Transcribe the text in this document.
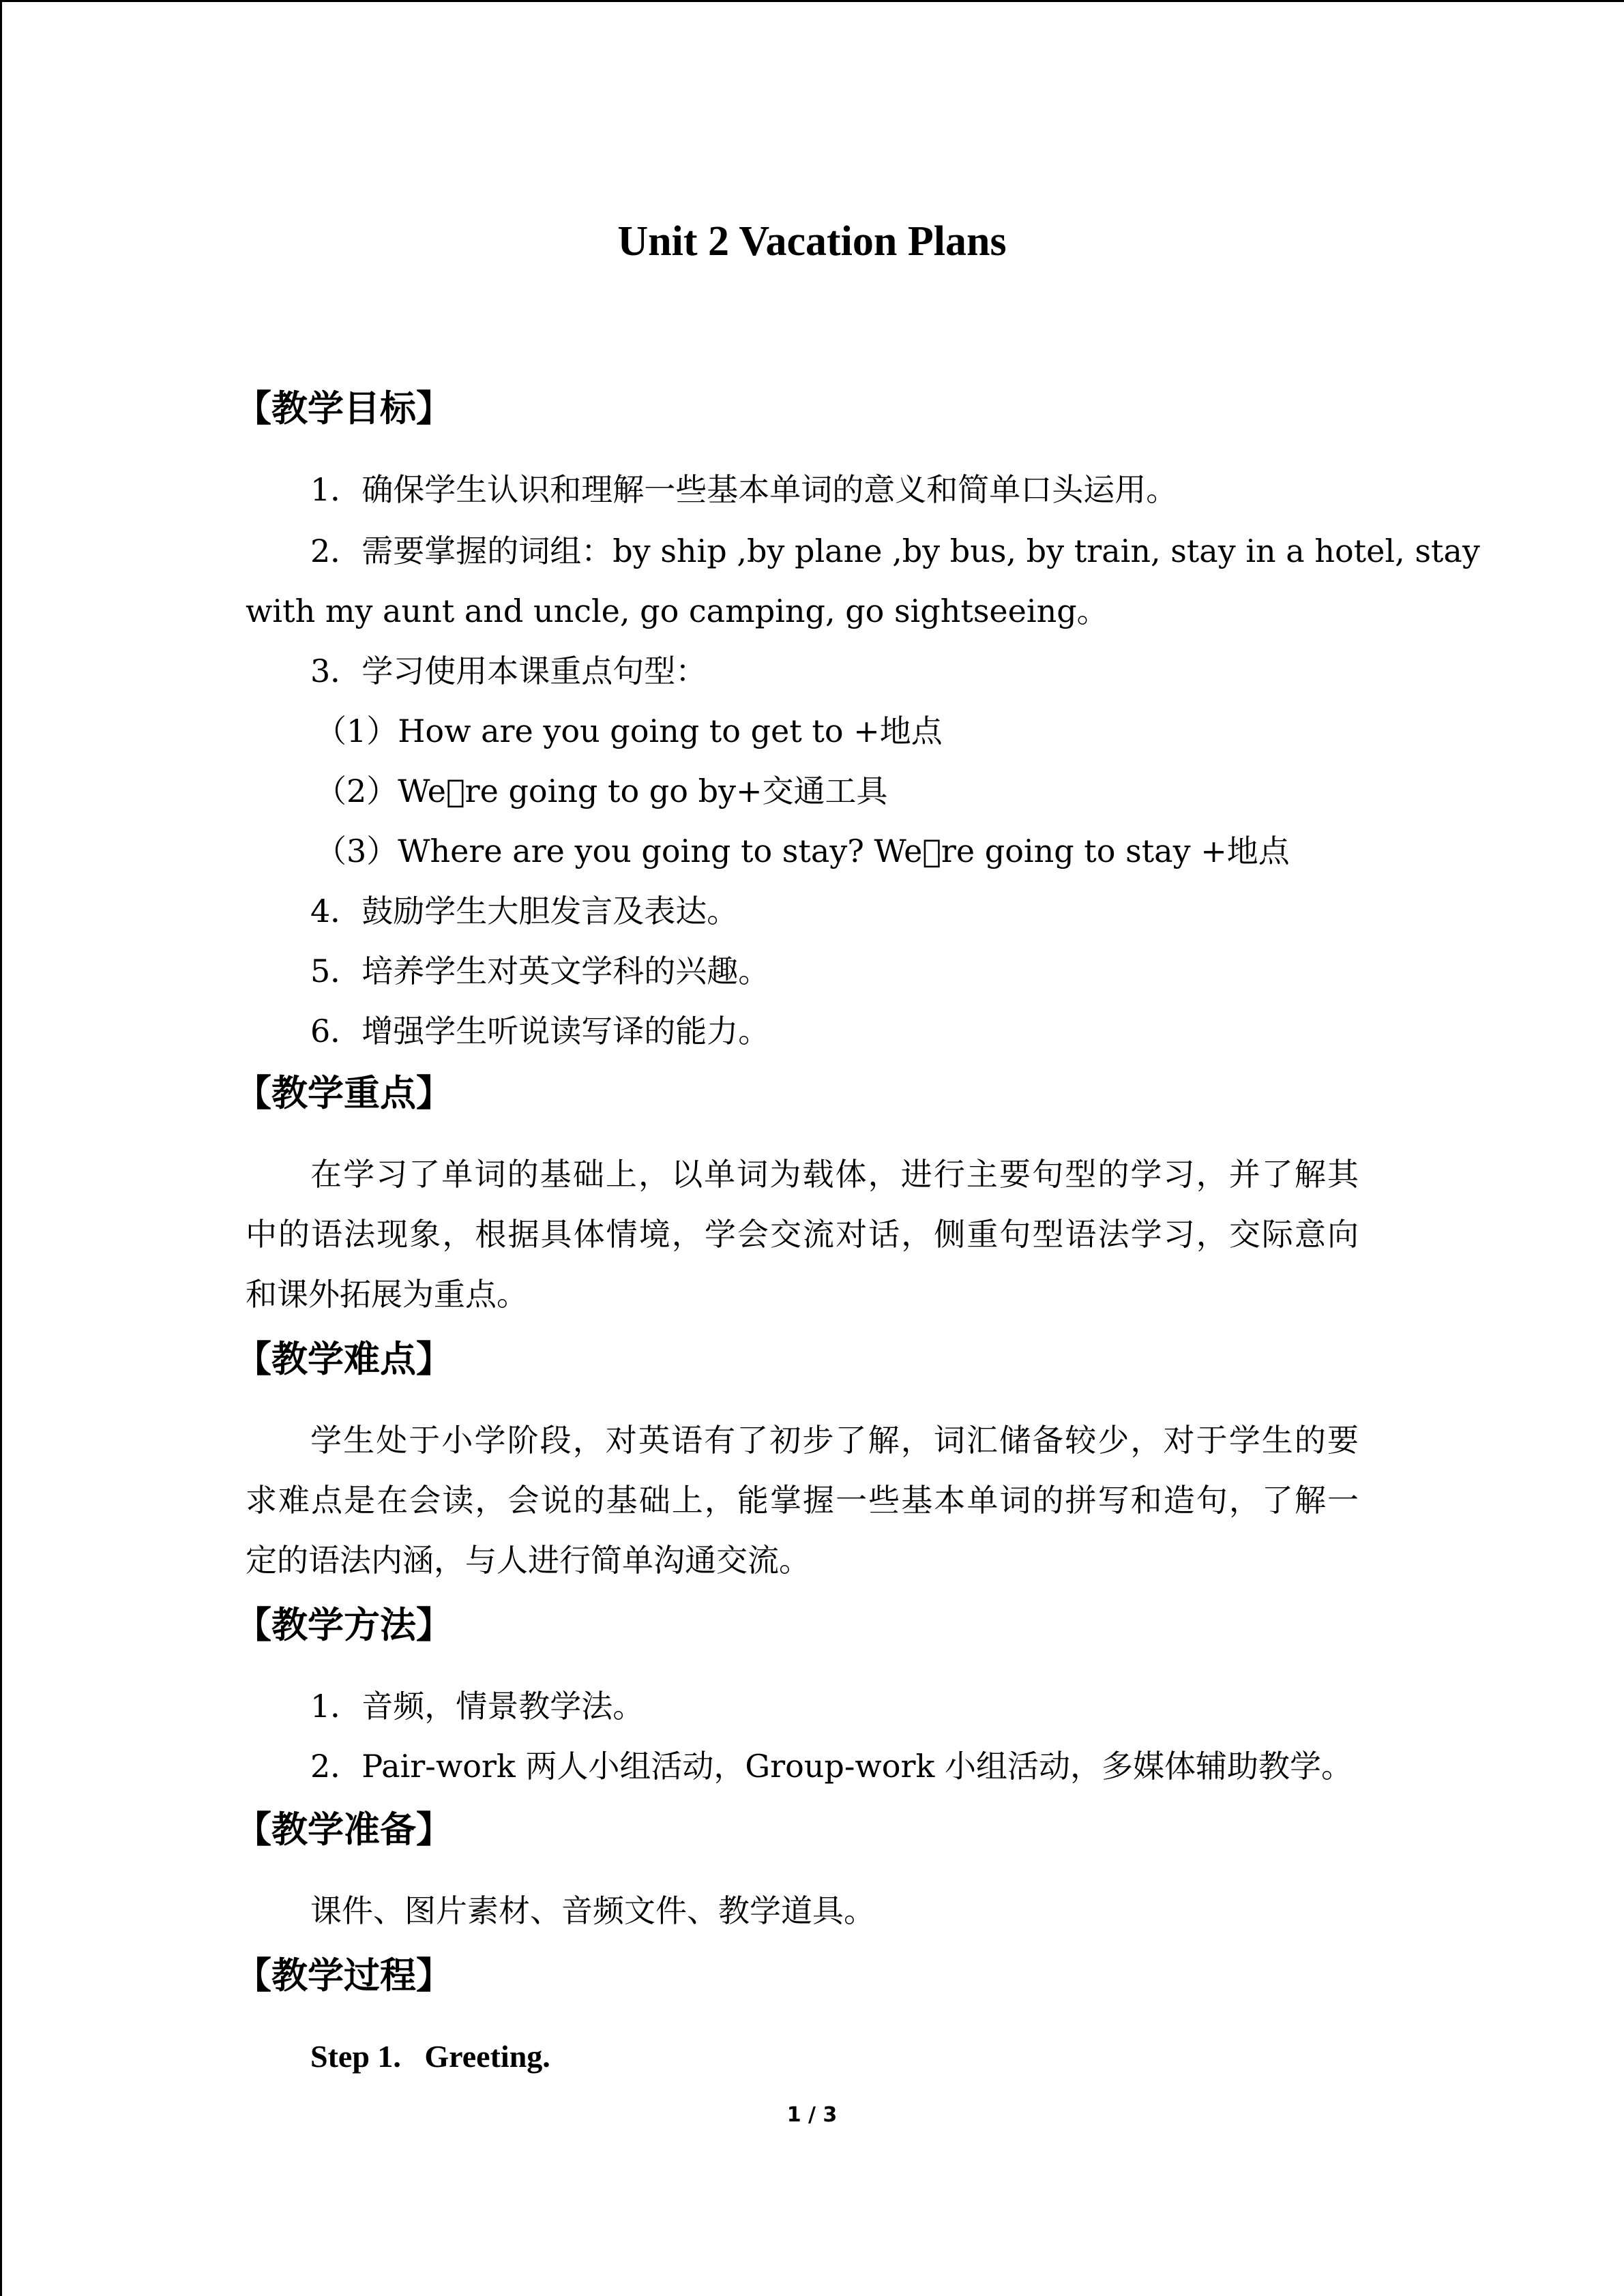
Unit 2 Vacation Plans
【教学目标】
1．确保学生认识和理解一些基本单词的意义和简单口头运用。
2．需要掌握的词组：by ship ,by plane ,by bus, by train, stay in a hotel, stay
with my aunt and uncle, go camping, go sightseeing。
3．学习使用本课重点句型：
（1）How are you going to get to +地点
（2）We re going to go by+交通工具
（3）Where are you going to stay? We re going to stay +地点
4．鼓励学生大胆发言及表达。
5．培养学生对英文学科的兴趣。
6．增强学生听说读写译的能力。
【教学重点】
在学习了单词的基础上，以单词为载体，进行主要句型的学习，并了解其
中的语法现象，根据具体情境，学会交流对话，侧重句型语法学习，交际意向
和课外拓展为重点。
【教学难点】
学生处于小学阶段，对英语有了初步了解，词汇储备较少，对于学生的要
求难点是在会读，会说的基础上，能掌握一些基本单词的拼写和造句，了解一
定的语法内涵，与人进行简单沟通交流。
【教学方法】
1．音频，情景教学法。
2．Pair-work 两人小组活动，Group-work 小组活动，多媒体辅助教学。
【教学准备】
课件、图片素材、音频文件、教学道具。
【教学过程】
Step 1.   Greeting.
1 / 3
